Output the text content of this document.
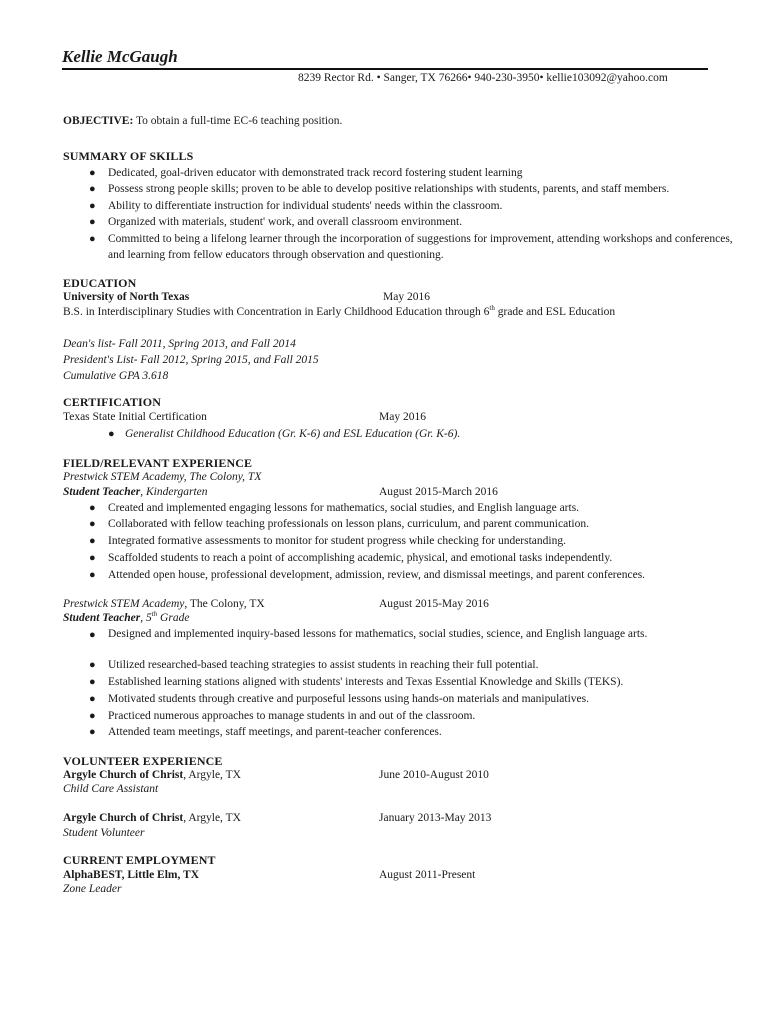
Kellie McGaugh
8239 Rector Rd. • Sanger, TX 76266• 940-230-3950• kellie103092@yahoo.com
OBJECTIVE: To obtain a full-time EC-6 teaching position.
SUMMARY OF SKILLS
● Dedicated, goal-driven educator with demonstrated track record fostering student learning
● Possess strong people skills; proven to be able to develop positive relationships with students, parents, and staff members.
● Ability to differentiate instruction for individual students' needs within the classroom.
● Organized with materials, student' work, and overall classroom environment.
● Committed to being a lifelong learner through the incorporation of suggestions for improvement, attending workshops and conferences, and learning from fellow educators through observation and questioning.
EDUCATION
University of North Texas	May 2016
B.S. in Interdisciplinary Studies with Concentration in Early Childhood Education through 6th grade and ESL Education
Dean's list- Fall 2011, Spring 2013, and Fall 2014
President's List- Fall 2012, Spring 2015, and Fall 2015
Cumulative GPA 3.618
CERTIFICATION
Texas State Initial Certification	May 2016
● Generalist Childhood Education (Gr. K-6) and ESL Education (Gr. K-6).
FIELD/RELEVANT EXPERIENCE
Prestwick STEM Academy, The Colony, TX
Student Teacher, Kindergarten	August 2015-March 2016
● Created and implemented engaging lessons for mathematics, social studies, and English language arts.
● Collaborated with fellow teaching professionals on lesson plans, curriculum, and parent communication.
● Integrated formative assessments to monitor for student progress while checking for understanding.
● Scaffolded students to reach a point of accomplishing academic, physical, and emotional tasks independently.
● Attended open house, professional development, admission, review, and dismissal meetings, and parent conferences.
Prestwick STEM Academy, The Colony, TX	August 2015-May 2016
Student Teacher, 5th Grade
● Designed and implemented inquiry-based lessons for mathematics, social studies, science, and English language arts.
● Utilized researched-based teaching strategies to assist students in reaching their full potential.
● Established learning stations aligned with students' interests and Texas Essential Knowledge and Skills (TEKS).
● Motivated students through creative and purposeful lessons using hands-on materials and manipulatives.
● Practiced numerous approaches to manage students in and out of the classroom.
● Attended team meetings, staff meetings, and parent-teacher conferences.
VOLUNTEER EXPERIENCE
Argyle Church of Christ, Argyle, TX	June 2010-August 2010
Child Care Assistant
Argyle Church of Christ, Argyle, TX	January 2013-May 2013
Student Volunteer
CURRENT EMPLOYMENT
AlphaBEST, Little Elm, TX	August 2011-Present
Zone Leader
